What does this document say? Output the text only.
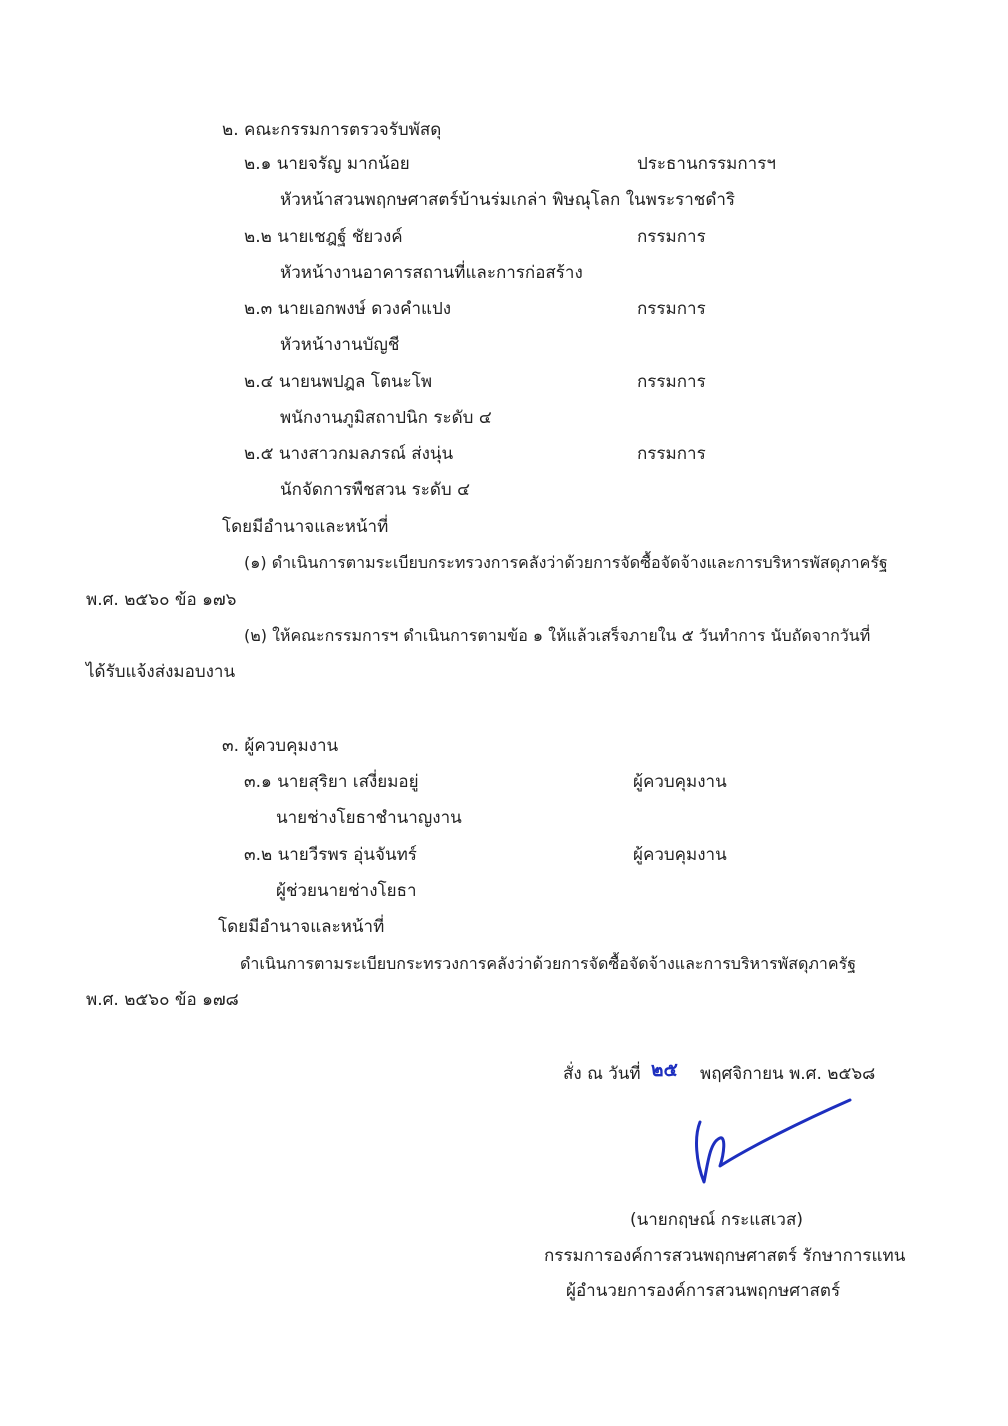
๒. คณะกรรมการตรวจรับพัสดุ
๒.๑ นายจรัญ มากน้อย	ประธานกรรมการฯ
หัวหน้าสวนพฤกษศาสตร์บ้านร่มเกล่า พิษณุโลก ในพระราชดำริ
๒.๒ นายเชฎฐ์ ชัยวงค์	กรรมการ
หัวหน้างานอาคารสถานที่และการก่อสร้าง
๒.๓ นายเอกพงษ์ ดวงคำแปง	กรรมการ
หัวหน้างานบัญชี
๒.๔ นายนพปฎล โตนะโพ	กรรมการ
พนักงานภูมิสถาปนิก ระดับ ๔
๒.๕ นางสาวกมลภรณ์ ส่งนุ่น	กรรมการ
นักจัดการพืชสวน ระดับ ๔
โดยมีอำนาจและหน้าที่
(๑) ดำเนินการตามระเบียบกระทรวงการคลังว่าด้วยการจัดซื้อจัดจ้างและการบริหารพัสดุภาครัฐ
พ.ศ. ๒๕๖๐ ข้อ ๑๗๖
(๒) ให้คณะกรรมการฯ ดำเนินการตามข้อ ๑ ให้แล้วเสร็จภายใน ๕ วันทำการ นับถัดจากวันที่
ได้รับแจ้งส่งมอบงาน
๓. ผู้ควบคุมงาน
๓.๑ นายสุริยา เสงี่ยมอยู่	ผู้ควบคุมงาน
นายช่างโยธาชำนาญงาน
๓.๒ นายวีรพร อุ่นจันทร์	ผู้ควบคุมงาน
ผู้ช่วยนายช่างโยธา
โดยมีอำนาจและหน้าที่
ดำเนินการตามระเบียบกระทรวงการคลังว่าด้วยการจัดซื้อจัดจ้างและการบริหารพัสดุภาครัฐ
พ.ศ. ๒๕๖๐ ข้อ ๑๗๘
สั่ง ณ วันที่ ๒๕ พฤศจิกายน พ.ศ. ๒๕๖๘
(นายกฤษณ์ กระแสเวส)
กรรมการองค์การสวนพฤกษศาสตร์ รักษาการแทน
ผู้อำนวยการองค์การสวนพฤกษศาสตร์
